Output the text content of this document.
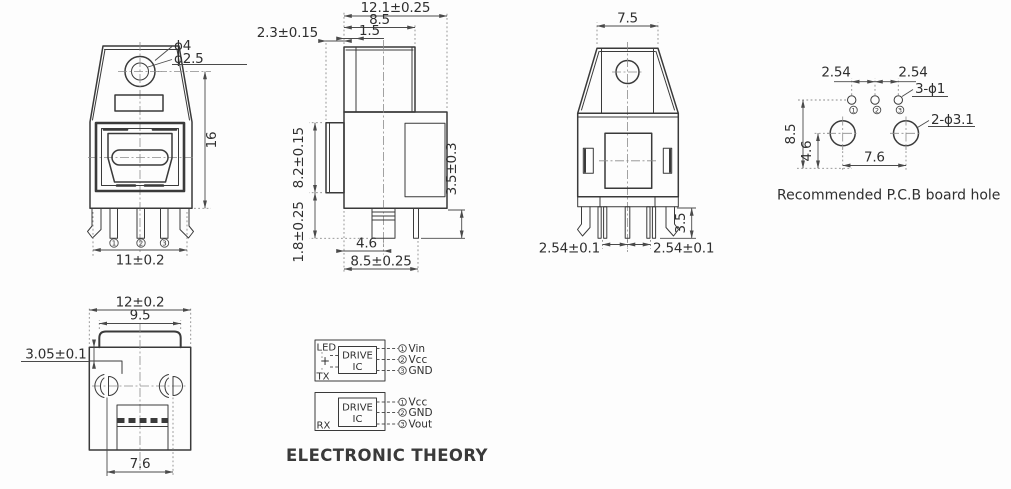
1	2	3
ϕ4
ϕ2.5
16
11±0.2
12.1±0.25
8.5
1.5
2.3±0.15
8.2±0.15
1.8±0.25
3.5±0.3
4.6
8.5±0.25
7.5
3.5
2.54±0.1	2.54±0.1
1	2	3
2.54	2.54
3-ϕ1
2-ϕ3.1
8.5
4.6	7.6
Recommended P.C.B board hole
12±0.2
9.5
3.05±0.1
7.6
LED
+ DRIVE
IC
TX
1 Vin
2 Vcc
3 GND
DRIVE
IC
RX
1 Vcc
2 GND
3 Vout
ELECTRONIC THEORY
